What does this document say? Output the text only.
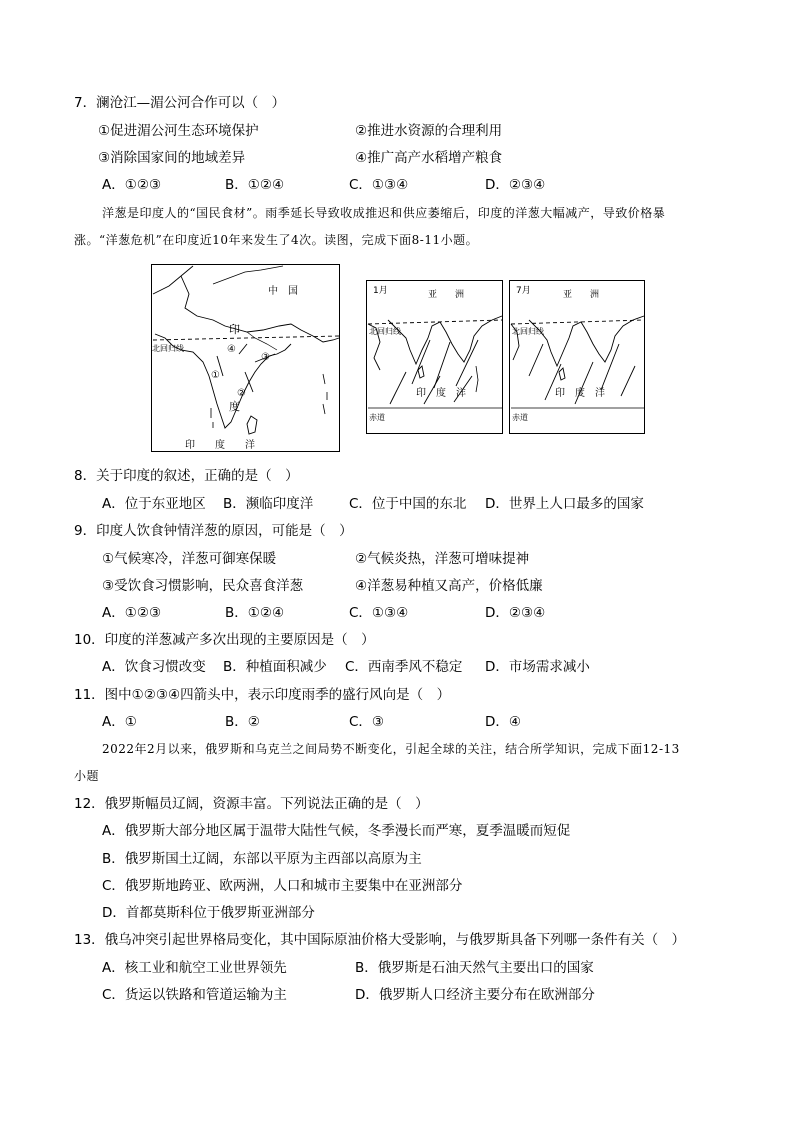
7．澜沧江—湄公河合作可以（　）
①促进湄公河生态环境保护	②推进水资源的合理利用
③消除国家间的地域差异	④推广高产水稻增产粮食
A．①②③	B．①②④	C．①③④	D．②③④
洋葱是印度人的“国民食材”。雨季延长导致收成推迟和供应萎缩后，印度的洋葱大幅减产，导致价格暴
涨。“洋葱危机”在印度近10年来发生了4次。读图，完成下面8-11小题。
中　国
印
度
印　　度　　洋
北回归线
①
②
③
④
1月	亚　　洲
北回归线
印　度　洋
赤道
7月	亚　　洲
北回归线
印　度　洋
赤道
8．关于印度的叙述，正确的是（　）
A．位于东亚地区 B．濒临印度洋	C．位于中国的东北 D．世界上人口最多的国家
9．印度人饮食钟情洋葱的原因，可能是（　）
①气候寒冷，洋葱可御寒保暖	②气候炎热，洋葱可增味提神
③受饮食习惯影响，民众喜食洋葱	④洋葱易种植又高产，价格低廉
A．①②③	B．①②④	C．①③④	D．②③④
10．印度的洋葱减产多次出现的主要原因是（　）
A．饮食习惯改变 B．种植面积减少 C．西南季风不稳定 D．市场需求减小
11．图中①②③④四箭头中，表示印度雨季的盛行风向是（　）
A．①	B．②	C．③	D．④
2022年2月以来，俄罗斯和乌克兰之间局势不断变化，引起全球的关注，结合所学知识，完成下面12-13
小题
12．俄罗斯幅员辽阔，资源丰富。下列说法正确的是（　）
A．俄罗斯大部分地区属于温带大陆性气候，冬季漫长而严寒，夏季温暖而短促
B．俄罗斯国土辽阔，东部以平原为主西部以高原为主
C．俄罗斯地跨亚、欧两洲，人口和城市主要集中在亚洲部分
D．首都莫斯科位于俄罗斯亚洲部分
13．俄乌冲突引起世界格局变化，其中国际原油价格大受影响，与俄罗斯具备下列哪一条件有关（　）
A．核工业和航空工业世界领先	B．俄罗斯是石油天然气主要出口的国家
C．货运以铁路和管道运输为主	D．俄罗斯人口经济主要分布在欧洲部分
